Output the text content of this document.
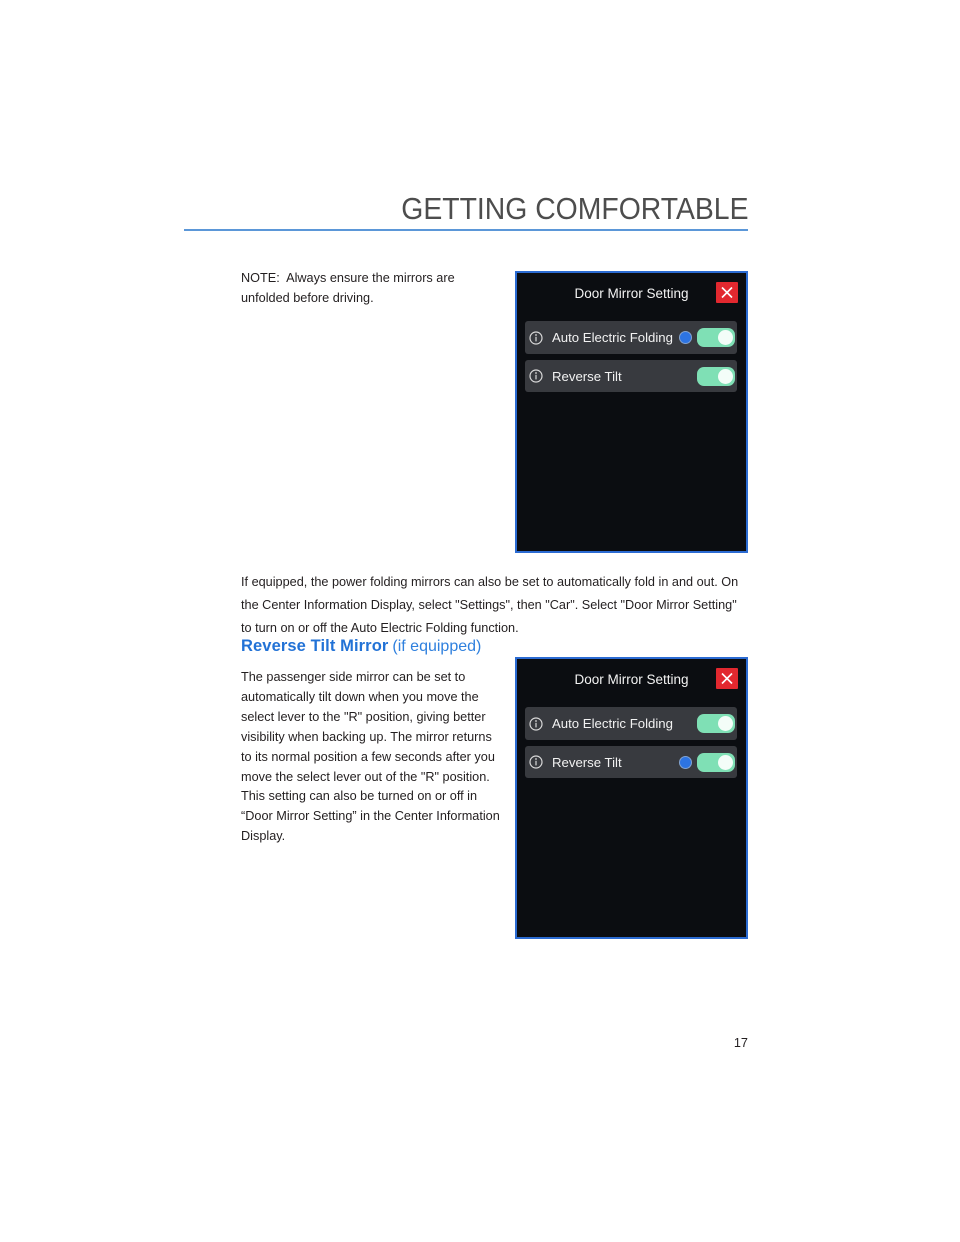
GETTING COMFORTABLE
NOTE:  Always ensure the mirrors are
unfolded before driving.	Door Mirror Setting
Auto Electric Folding
Reverse Tilt
If equipped, the power folding mirrors can also be set to automatically fold in and out. On
the Center Information Display, select "Settings", then "Car". Select "Door Mirror Setting"
to turn on or off the Auto Electric Folding function.
Reverse Tilt Mirror (if equipped)
The passenger side mirror can be set to
automatically tilt down when you move the
select lever to the "R" position, giving better
visibility when backing up. The mirror returns
to its normal position a few seconds after you
move the select lever out of the "R" position.
This setting can also be turned on or off in
“Door Mirror Setting” in the Center Information
Display.
Door Mirror Setting
Auto Electric Folding
Reverse Tilt
17
